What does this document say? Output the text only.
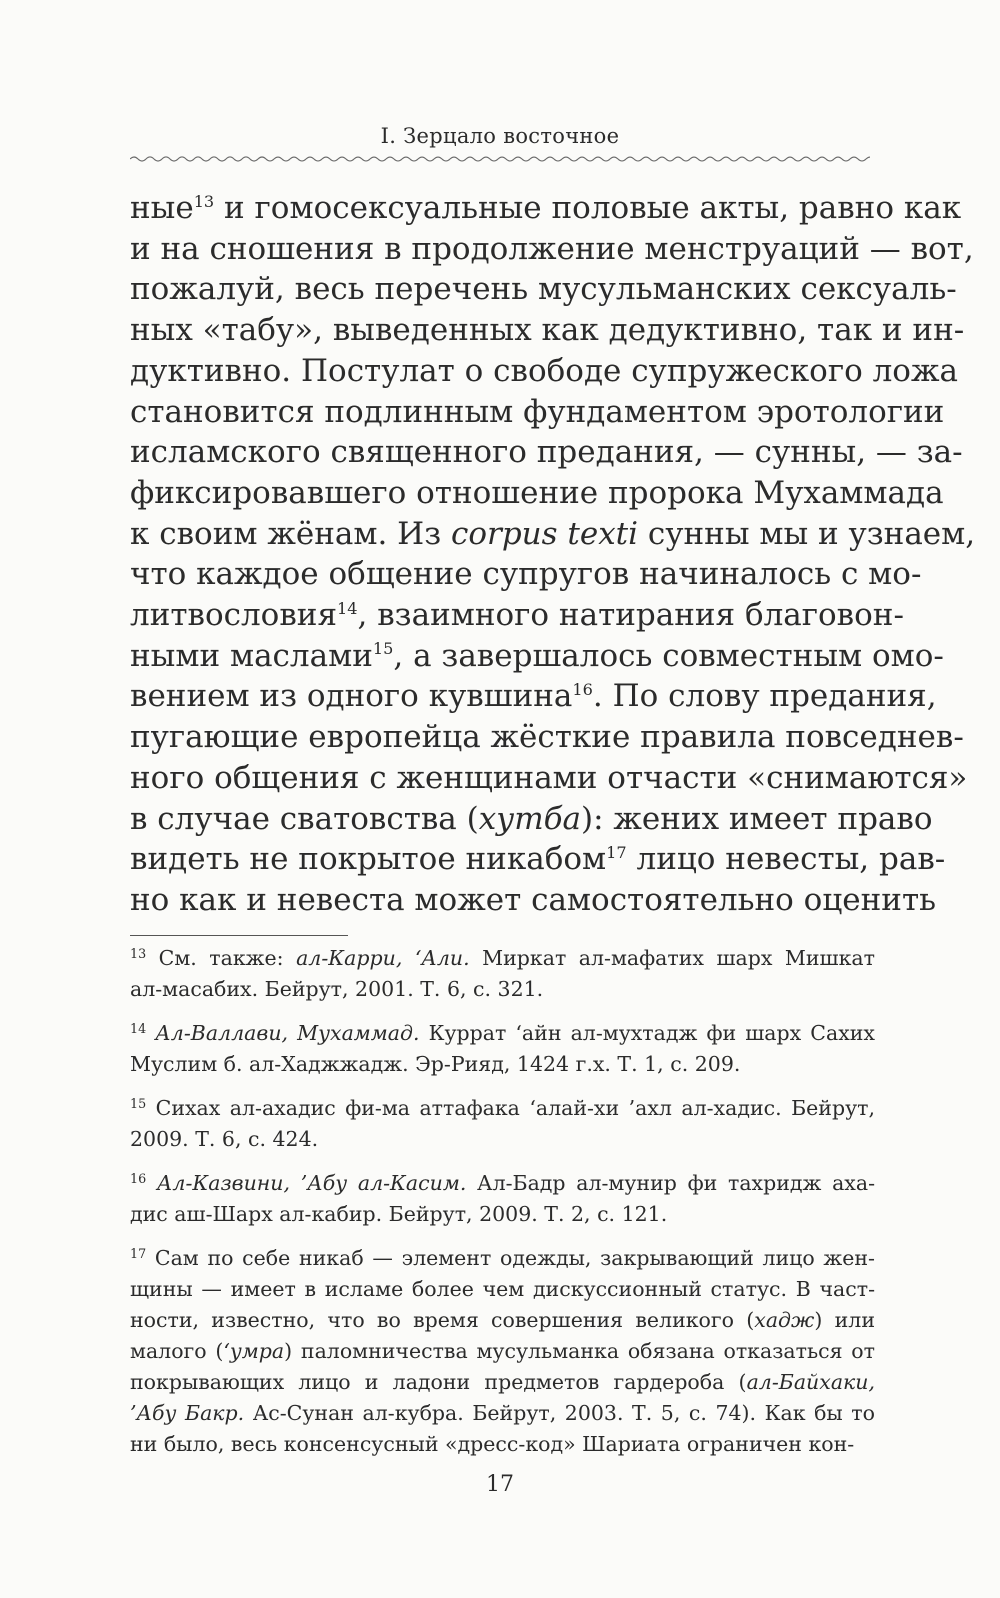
I. Зерцало восточное
ные$^{13}$ и гомосексуальные половые акты, равно как
и на сношения в продолжение менструаций — вот,
пожалуй, весь перечень мусульманских сексуаль-
ных «табу», выведенных как дедуктивно, так и ин-
дуктивно. Постулат о свободе супружеского ложа
становится подлинным фундаментом эротологии
исламского священного предания, — сунны, — за-
фиксировавшего отношение пророка Мухаммада
к своим жёнам. Из corpus texti сунны мы и узнаем,
что каждое общение супругов начиналось с мо-
литвословия$^{14}$, взаимного натирания благовон-
ными маслами$^{15}$, а завершалось совместным омо-
вением из одного кувшина$^{16}$. По слову предания,
пугающие европейца жёсткие правила повседнев-
ного общения с женщинами отчасти «снимаются»
в случае сватовства (хутба): жених имеет право
видеть не покрытое никабом$^{17}$ лицо невесты, рав-
но как и невеста может самостоятельно оценить
$^{13}$ См. также: ал-Карри, ‘Али. Миркат ал-мафатих шарх Мишкат
ал-масабих. Бейрут, 2001. Т. 6, с. 321.
$^{14}$ Ал-Валлави, Мухаммад. Куррат ‘айн ал-мухтадж фи шарх Сахих
Муслим б. ал-Хаджжадж. Эр-Рияд, 1424 г.х. Т. 1, с. 209.
$^{15}$ Сихах ал-ахадис фи-ма аттафака ‘алай-хи ’ахл ал-хадис. Бейрут,
2009. Т. 6, с. 424.
$^{16}$ Ал-Казвини, ’Абу ал-Касим. Ал-Бадр ал-мунир фи тахридж аха-
дис аш-Шарх ал-кабир. Бейрут, 2009. Т. 2, с. 121.
$^{17}$ Сам по себе никаб — элемент одежды, закрывающий лицо жен-
щины — имеет в исламе более чем дискуссионный статус. В част-
ности, известно, что во время совершения великого (хадж) или
малого (‘умра) паломничества мусульманка обязана отказаться от
покрывающих лицо и ладони предметов гардероба (ал-Байхаки,
’Абу Бакр. Ас-Сунан ал-кубра. Бейрут, 2003. Т. 5, с. 74). Как бы то
ни было, весь консенсусный «дресс-код» Шариата ограничен кон-
17
